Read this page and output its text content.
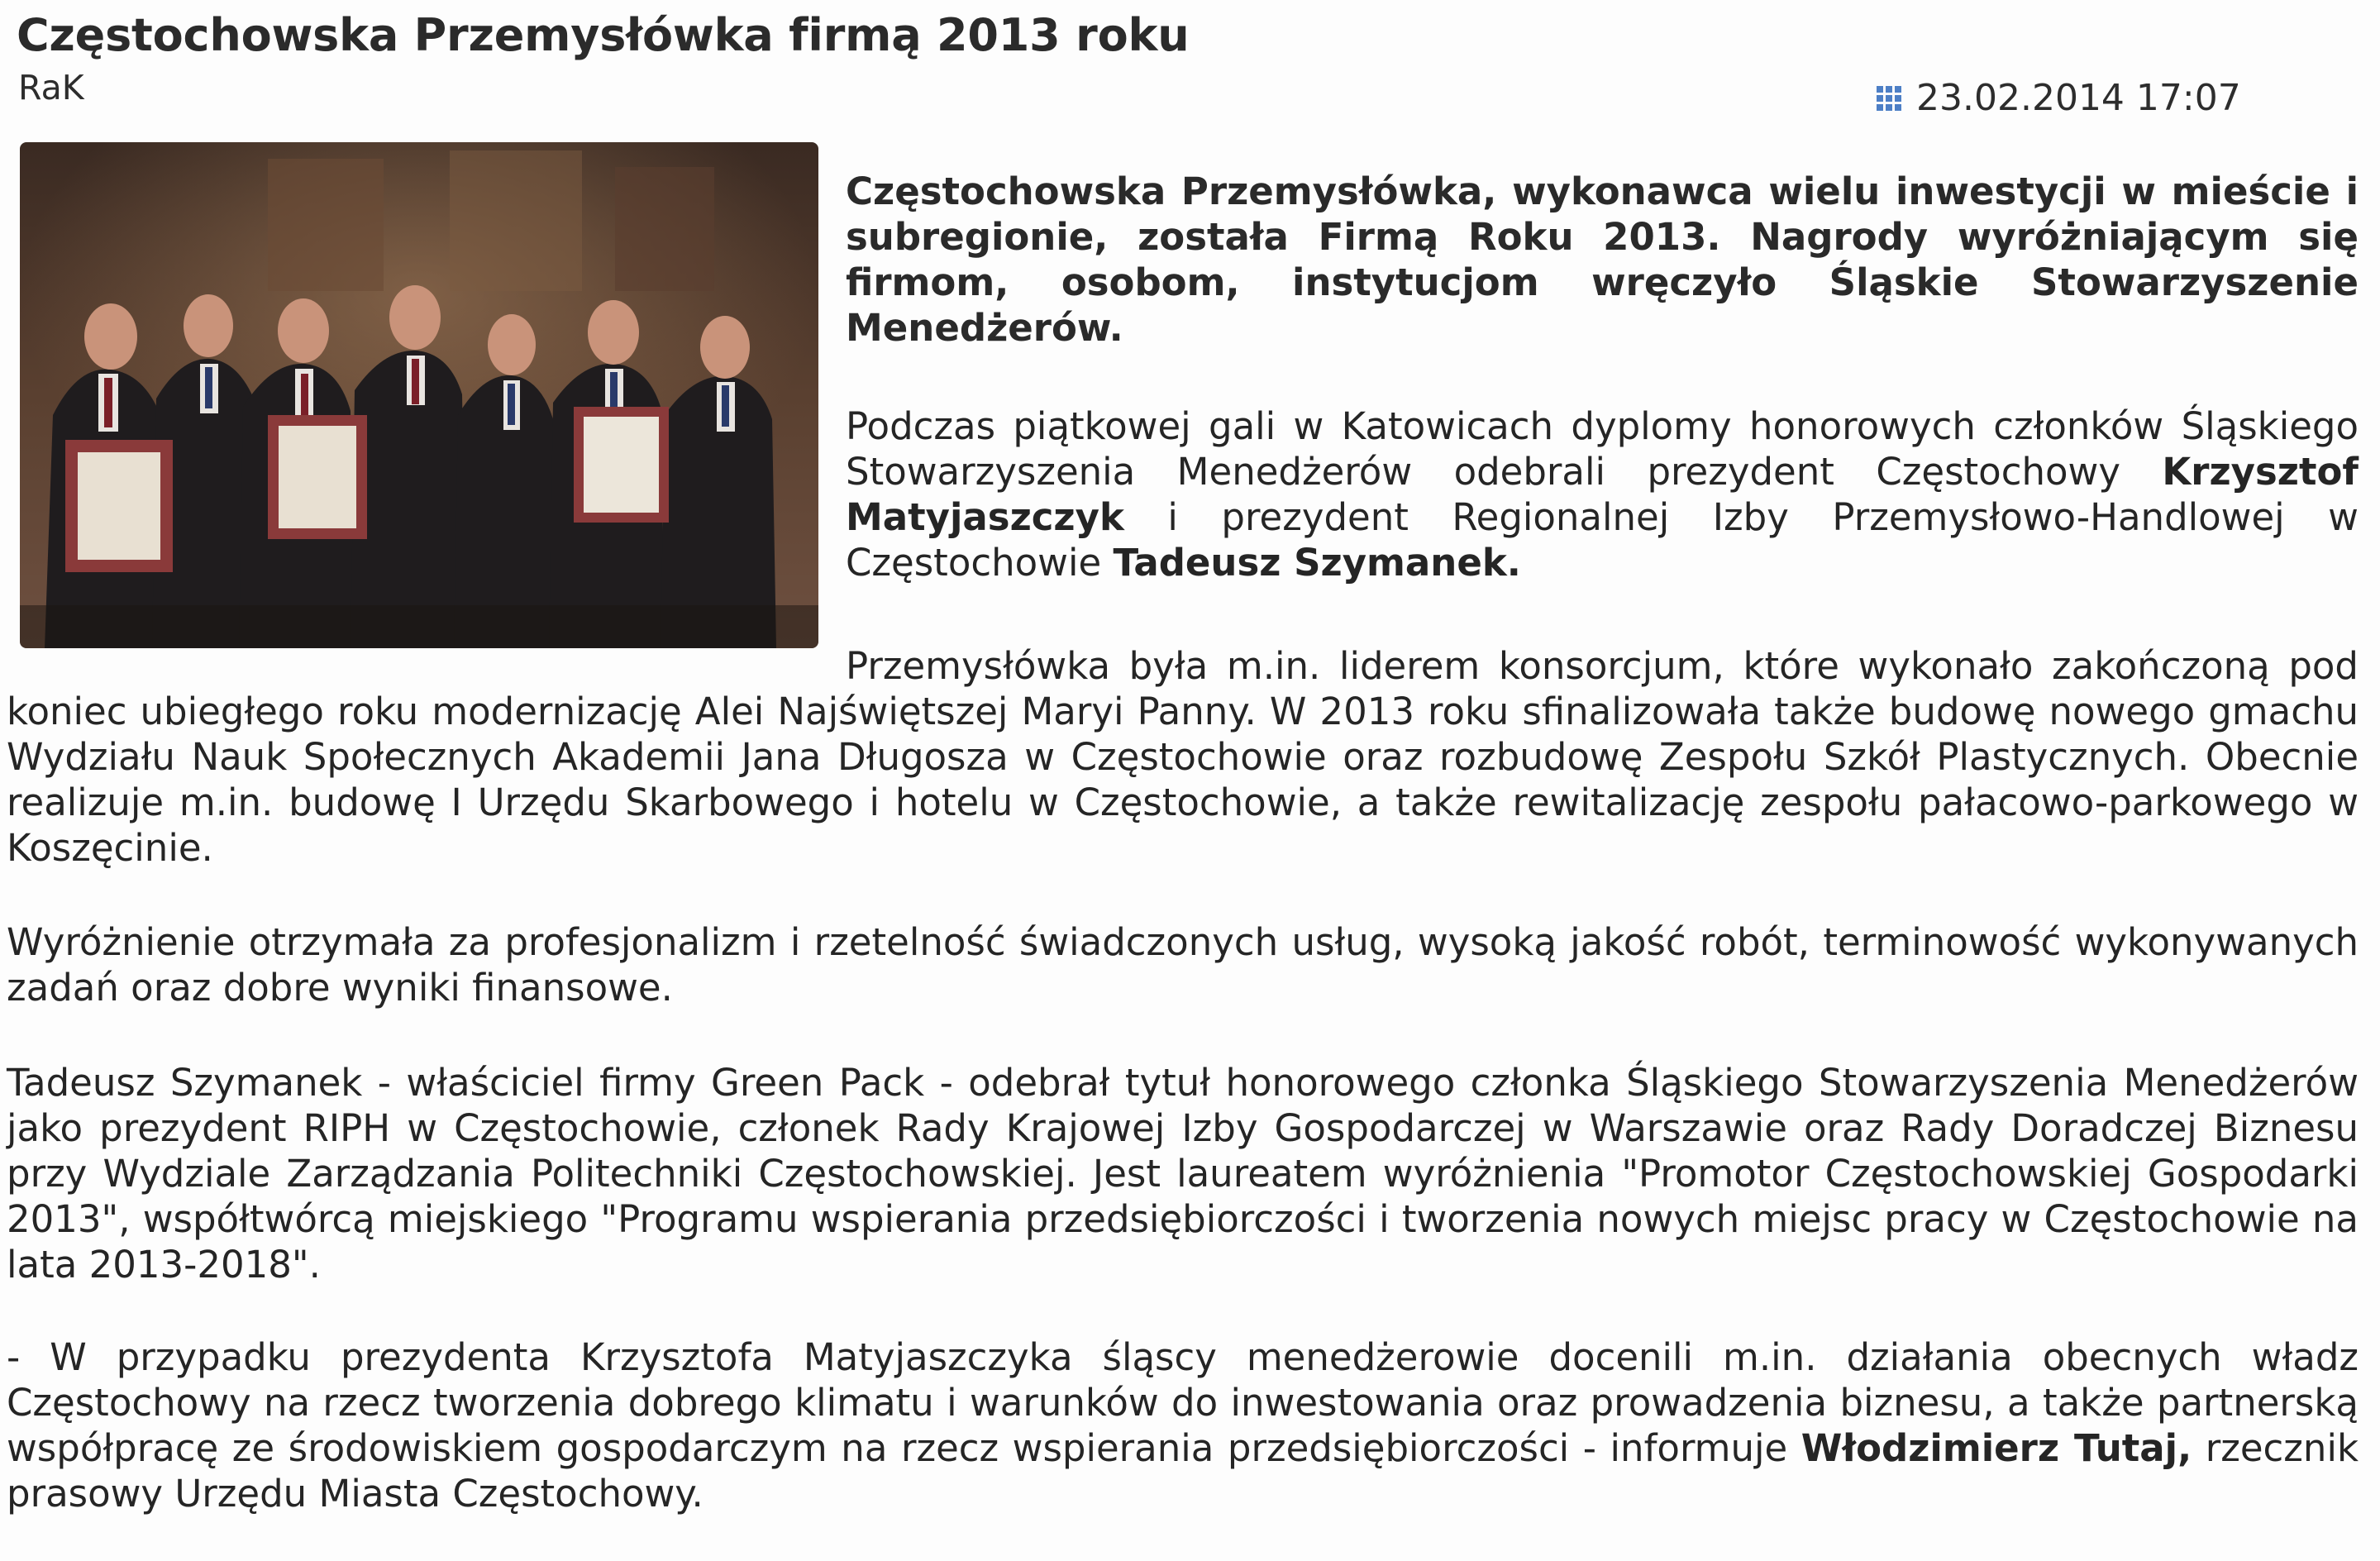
Częstochowska Przemysłówka firmą 2013 roku
RaK	23.02.2014 17:07

Częstochowska Przemysłówka, wykonawca wielu inwestycji w mieście i subregionie, została Firmą Roku 2013. Nagrody wyróżniającym się firmom, osobom, instytucjom wręczyło Śląskie Stowarzyszenie Menedżerów.

Podczas piątkowej gali w Katowicach dyplomy honorowych członków Śląskiego Stowarzyszenia Menedżerów odebrali prezydent Częstochowy Krzysztof Matyjaszczyk i prezydent Regionalnej Izby Przemysłowo-Handlowej w Częstochowie Tadeusz Szymanek.

Przemysłówka była m.in. liderem konsorcjum, które wykonało zakończoną pod koniec ubiegłego roku modernizację Alei Najświętszej Maryi Panny. W 2013 roku sfinalizowała także budowę nowego gmachu Wydziału Nauk Społecznych Akademii Jana Długosza w Częstochowie oraz rozbudowę Zespołu Szkół Plastycznych. Obecnie realizuje m.in. budowę I Urzędu Skarbowego i hotelu w Częstochowie, a także rewitalizację zespołu pałacowo-parkowego w Koszęcinie.

Wyróżnienie otrzymała za profesjonalizm i rzetelność świadczonych usług, wysoką jakość robót, terminowość wykonywanych zadań oraz dobre wyniki finansowe.

Tadeusz Szymanek - właściciel firmy Green Pack - odebrał tytuł honorowego członka Śląskiego Stowarzyszenia Menedżerów jako prezydent RIPH w Częstochowie, członek Rady Krajowej Izby Gospodarczej w Warszawie oraz Rady Doradczej Biznesu przy Wydziale Zarządzania Politechniki Częstochowskiej. Jest laureatem wyróżnienia "Promotor Częstochowskiej Gospodarki 2013", współtwórcą miejskiego "Programu wspierania przedsiębiorczości i tworzenia nowych miejsc pracy w Częstochowie na lata 2013-2018".

- W przypadku prezydenta Krzysztofa Matyjaszczyka śląscy menedżerowie docenili m.in. działania obecnych władz Częstochowy na rzecz tworzenia dobrego klimatu i warunków do inwestowania oraz prowadzenia biznesu, a także partnerską współpracę ze środowiskiem gospodarczym na rzecz wspierania przedsiębiorczości - informuje Włodzimierz Tutaj, rzecznik prasowy Urzędu Miasta Częstochowy.
